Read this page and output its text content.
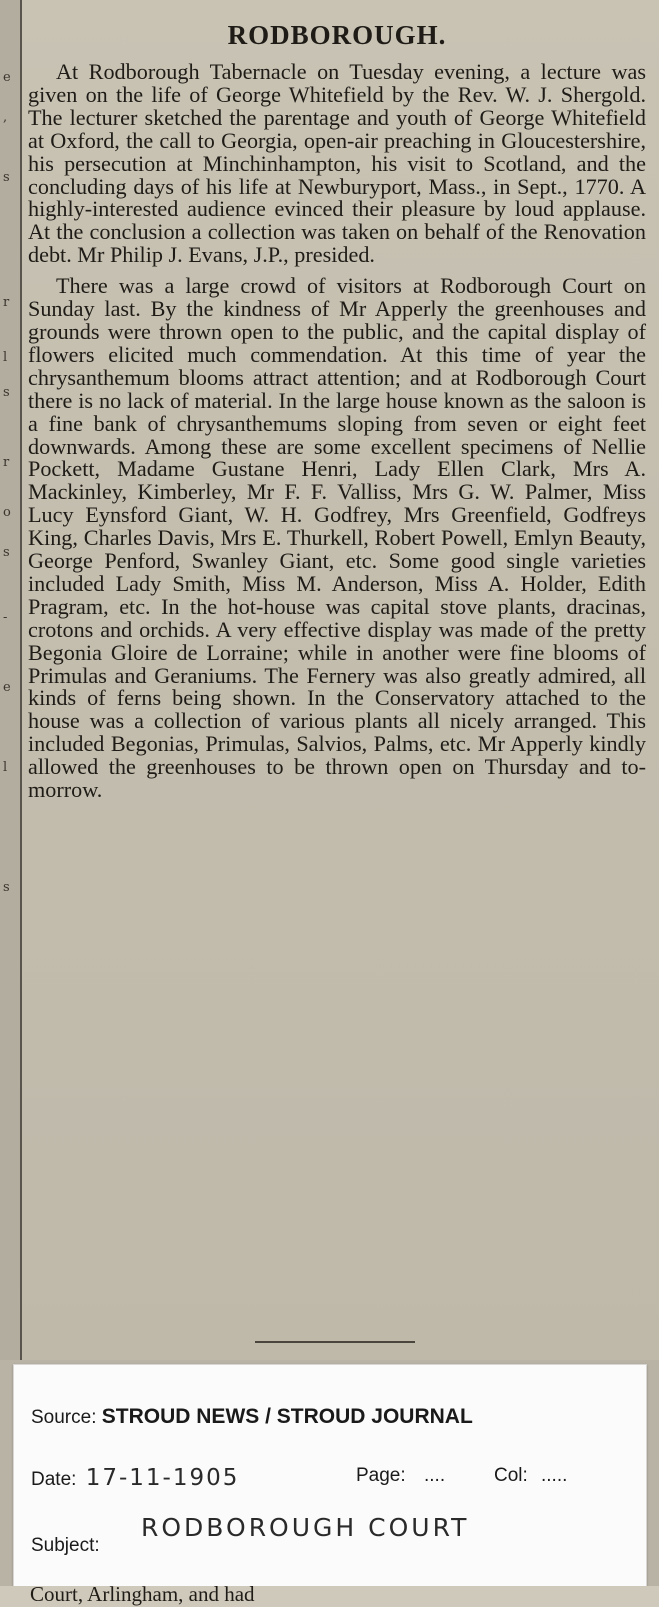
e
,
s
r
l
s
r
o
s
-
e
l
s
RODBOROUGH.

At Rodborough Tabernacle on Tuesday evening, a lecture was given on the life of George Whitefield by the Rev. W. J. Shergold. The lecturer sketched the parentage and youth of George Whitefield at Oxford, the call to Georgia, open-air preaching in Gloucestershire, his persecution at Minchinhampton, his visit to Scotland, and the concluding days of his life at Newburyport, Mass., in Sept., 1770. A highly-interested audience evinced their pleasure by loud applause. At the conclusion a collection was taken on behalf of the Renovation debt. Mr Philip J. Evans, J.P., presided.

There was a large crowd of visitors at Rodborough Court on Sunday last. By the kindness of Mr Apperly the greenhouses and grounds were thrown open to the public, and the capital display of flowers elicited much commendation. At this time of year the chrysanthemum blooms attract attention; and at Rodborough Court there is no lack of material. In the large house known as the saloon is a fine bank of chrysanthemums sloping from seven or eight feet downwards. Among these are some excellent specimens of Nellie Pockett, Madame Gustane Henri, Lady Ellen Clark, Mrs A. Mackinley, Kimberley, Mr F. F. Valliss, Mrs G. W. Palmer, Miss Lucy Eynsford Giant, W. H. Godfrey, Mrs Greenfield, Godfreys King, Charles Davis, Mrs E. Thurkell, Robert Powell, Emlyn Beauty, George Penford, Swanley Giant, etc. Some good single varieties included Lady Smith, Miss M. Anderson, Miss A. Holder, Edith Pragram, etc. In the hot-house was capital stove plants, dracinas, crotons and orchids. A very effective display was made of the pretty Begonia Gloire de Lorraine; while in another were fine blooms of Primulas and Geraniums. The Fernery was also greatly admired, all kinds of ferns being shown. In the Conservatory attached to the house was a collection of various plants all nicely arranged. This included Begonias, Primulas, Salvios, Palms, etc. Mr Apperly kindly allowed the greenhouses to be thrown open on Thursday and to-morrow.

Source: STROUD NEWS / STROUD JOURNAL
Date: 17-11-1905	Page: ....	Col: .....
Subject:
RODBOROUGH COURT
Court, Arlingham, and had
